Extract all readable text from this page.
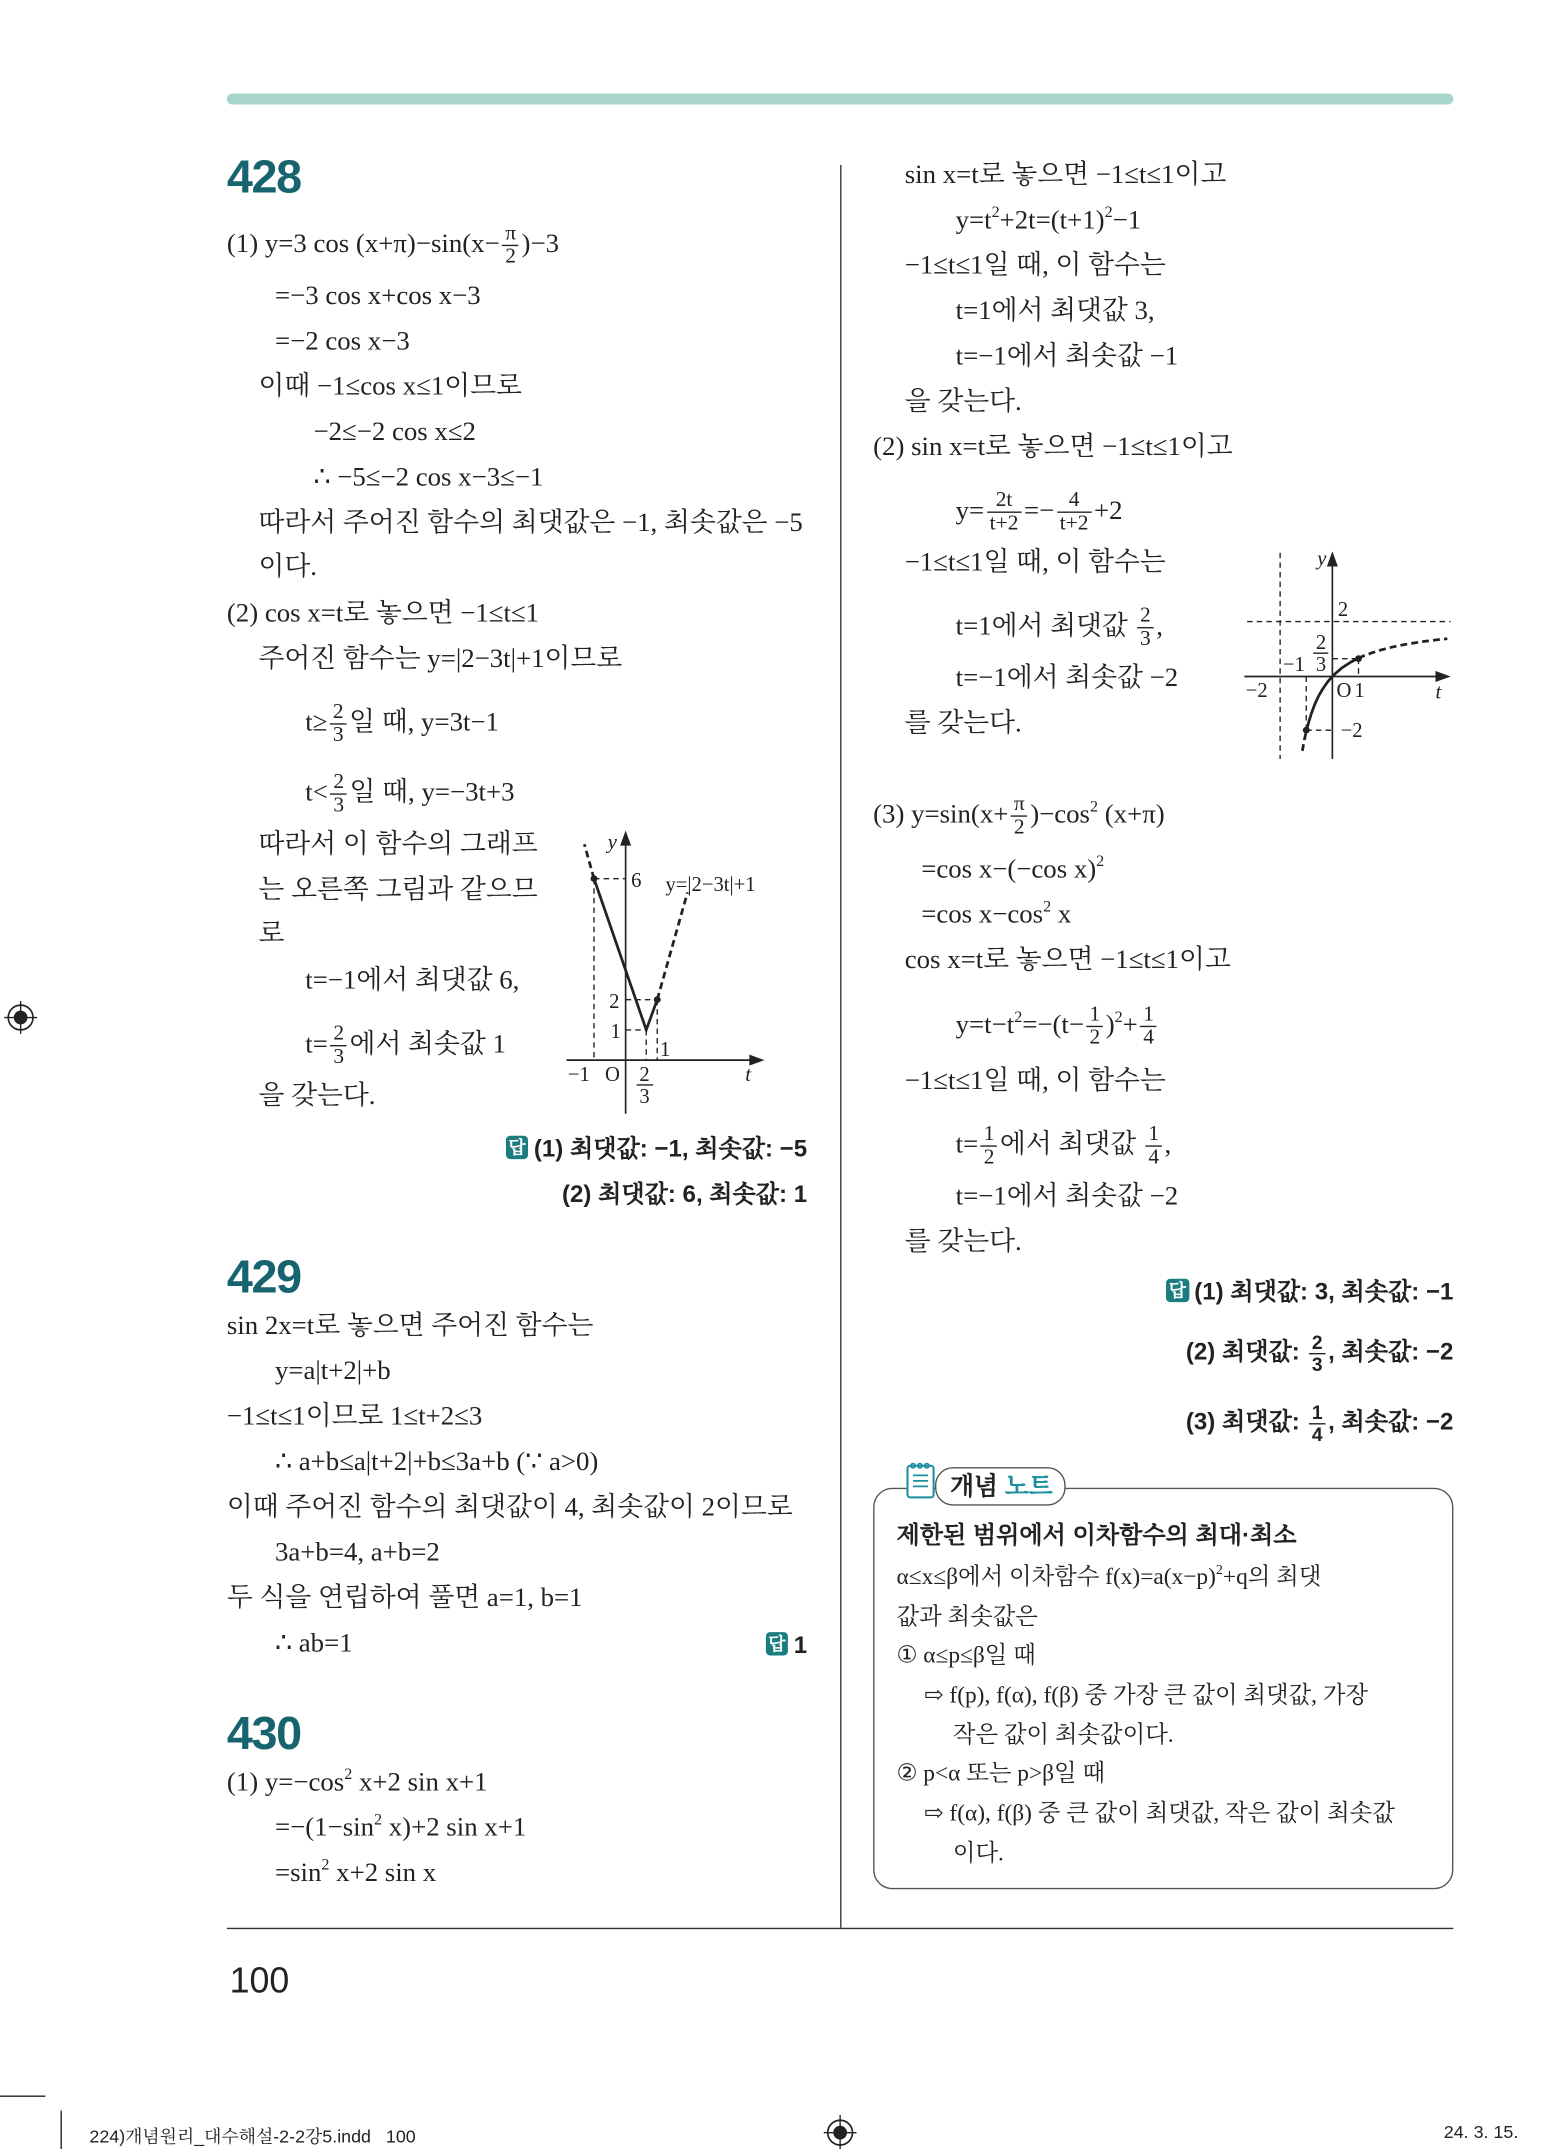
428
429
430
(1) y=3 $\cos (x+\pi)-\sin(x- \frac{\pi}{2} )-3$
=−3 cos x+cos x−3
=−2 cos x−3
이때 −1≤cos x≤1이므로
−2≤−2 cos x≤2
∴ −5≤−2 cos x−3≤−1
따라서 주어진 함수의 최댓값은 −1, 최솟값은 −5
이다.
(2) cos x=t로 놓으면 −1≤t≤1
주어진 함수는 y=|2−3t|+1이므로
$t\ge \frac{2}{3}$ 일 때, y=3t−1
$t< \frac{2}{3}$ 일 때, y=−3t+3
따라서 이 함수의 그래프
는 오른쪽 그림과 같으므
로
t=−1에서 최댓값 6,
$t= \frac{2}{3}$ 에서 최솟값 1
을 갖는다.
답 (1) 최댓값: −1, 최솟값: −5
(2) 최댓값: 6, 최솟값: 1
sin 2x=t로 놓으면 주어진 함수는
y=a|t+2|+b
−1≤t≤1이므로 1≤t+2≤3
∴ a+b≤a|t+2|+b≤3a+b (∵ a>0)
이때 주어진 함수의 최댓값이 4, 최솟값이 2이므로
3a+b=4, a+b=2
두 식을 연립하여 풀면 a=1, b=1
∴ ab=1	답 1
(1) $y=-\cos^2$ x+2 sin x+1
$=-(1-\sin^2$ x)+2 sin x+1
$=\sin^2$ x+2 sin x
sin x=t로 놓으면 −1≤t≤1이고
$y=t^2+2t=(t+1)^2-1$
−1≤t≤1일 때, 이 함수는
t=1에서 최댓값 3,
t=−1에서 최솟값 −1
을 갖는다.
(2) sin x=t로 놓으면 −1≤t≤1이고
$y= \frac{2t}{t+2} =- \frac{4}{t+2} +2$
−1≤t≤1일 때, 이 함수는
t=1에서 최댓값 $\frac{2}{3}$ ,
t=−1에서 최솟값 −2
를 갖는다.
(3) $y=\sin(x+ \frac{\pi}{2} )-\cos^2$ (x+π)
=cos x−(−cos x)$^2$
=cos $x-\cos^2$ x
cos x=t로 놓으면 −1≤t≤1이고
$y=t-t^2=-(t- \frac{1}{2} )^2+ \frac{1}{4}$
−1≤t≤1일 때, 이 함수는
$t= \frac{1}{2}$ 에서 최댓값 $\frac{1}{4}$ ,
t=−1에서 최솟값 −2
를 갖는다.
답 (1) 최댓값: 3, 최솟값: −1
(2) 최댓값: $\frac{2}{3}$ , 최솟값: −2
(3) 최댓값: $\frac{1}{4}$ , 최솟값: −2
α≤x≤β에서 이차함수 $f(x)=a(x-p)^2+q$의 최댓
값과 최솟값은
① α≤p≤β일 때
⇨ f(p), f(α), f(β) 중 가장 큰 값이 최댓값, 가장
작은 값이 최솟값이다.
② p<α 또는 p>β일 때
⇨ f(α), f(β) 중 큰 값이 최댓값, 작은 값이 최솟값
이다.
y
t
6
2
1
1
−1 O 2
3
y=|2−3t|+1
y
t
2
2
3
−1
−2	O 1
−2
개념 노트
제한된 범위에서 이차함수의 최대·최소
100
224)개념원리_대수해설-2-2강5.indd 100	24. 3. 15.
